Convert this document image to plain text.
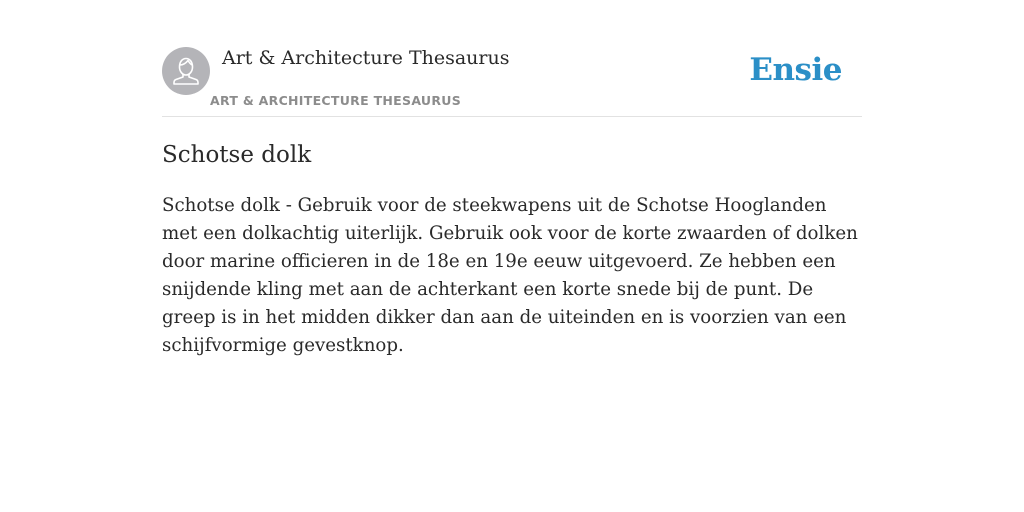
Art & Architecture Thesaurus
ART & ARCHITECTURE THESAURUS
Ensie
Schotse dolk

Schotse dolk - Gebruik voor de steekwapens uit de Schotse Hooglanden met een dolkachtig uiterlijk. Gebruik ook voor de korte zwaarden of dolken door marine officieren in de 18e en 19e eeuw uitgevoerd. Ze hebben een snijdende kling met aan de achterkant een korte snede bij de punt. De greep is in het midden dikker dan aan de uiteinden en is voorzien van een schijfvormige gevestknop.
